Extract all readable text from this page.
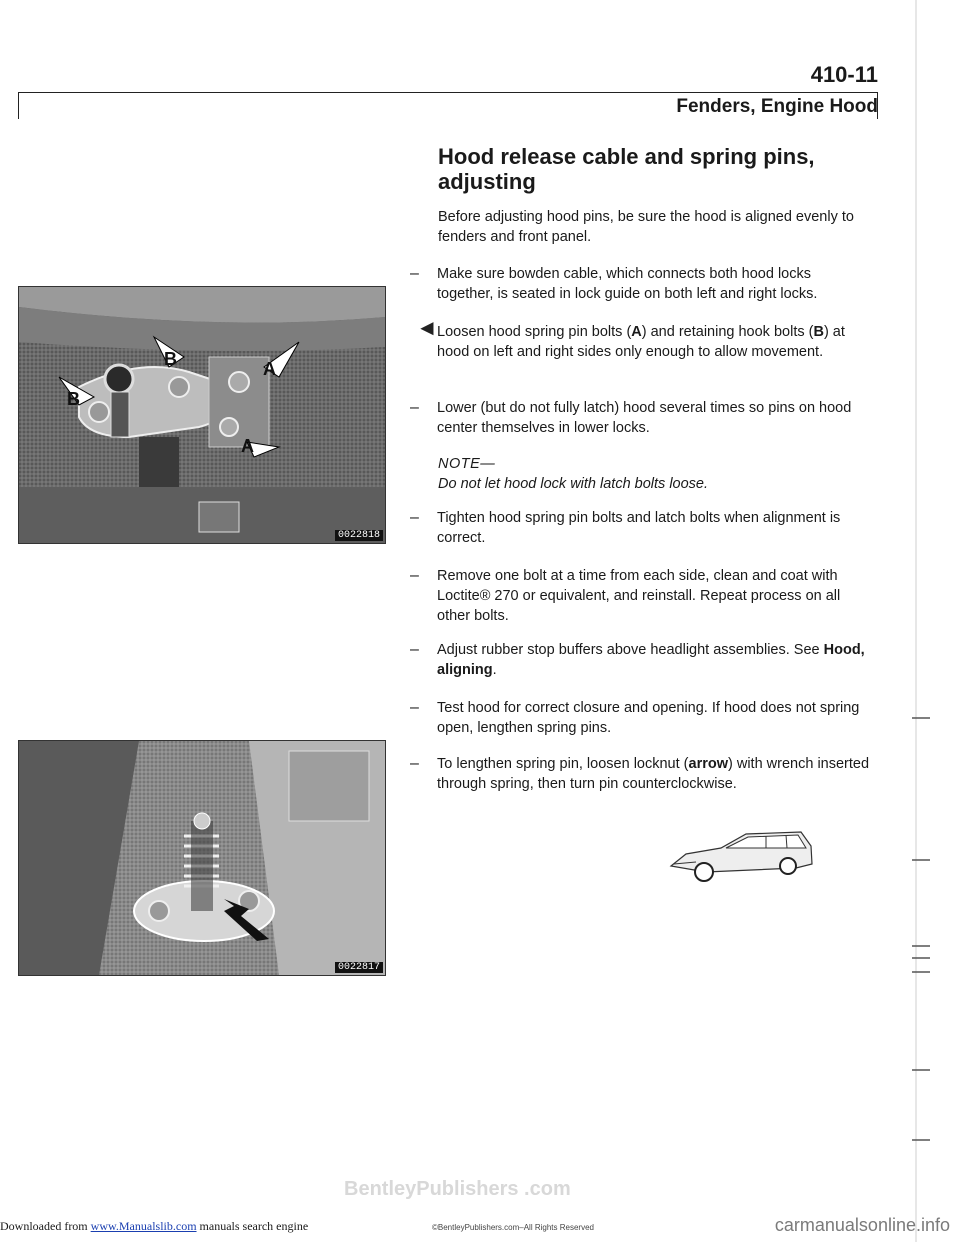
410-11
Fenders, Engine Hood
Hood release cable and spring pins, adjusting
Before adjusting hood pins, be sure the hood is aligned evenly to fenders and front panel.
B	A
B
A
0022818
0022817
–	Make sure bowden cable, which connects both hood locks together, is seated in lock guide on both left and right locks.
◄ Loosen hood spring pin bolts (A) and retaining hook bolts (B) at hood on left and right sides only enough to allow movement.
–	Lower (but do not fully latch) hood several times so pins on hood center themselves in lower locks.
NOTE—
Do not let hood lock with latch bolts loose.
–	Tighten hood spring pin bolts and latch bolts when alignment is correct.
–	Remove one bolt at a time from each side, clean and coat with Loctite® 270 or equivalent, and reinstall. Repeat process on all other bolts.
–	Adjust rubber stop buffers above headlight assemblies. See Hood, aligning.
–	Test hood for correct closure and opening. If hood does not spring open, lengthen spring pins.
–	To lengthen spring pin, loosen locknut (arrow) with wrench inserted through spring, then turn pin counterclockwise.
BentleyPublishers .com
©BentleyPublishers.com–All Rights Reserved
Downloaded from www.Manualslib.com manuals search engine	carmanualsonline.info
